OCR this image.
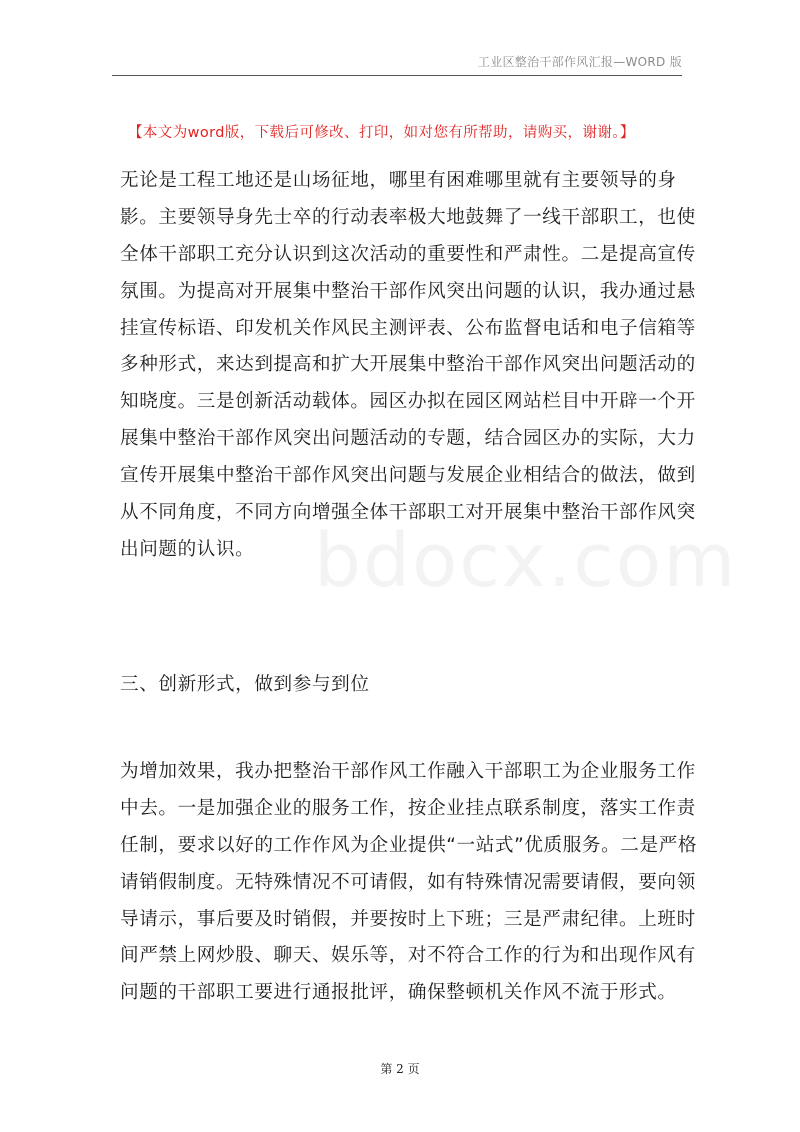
工业区整治干部作风汇报—WORD 版
【本文为word版，下载后可修改、打印，如对您有所帮助，请购买，谢谢。】
无论是工程工地还是山场征地，哪里有困难哪里就有主要领导的身
影。主要领导身先士卒的行动表率极大地鼓舞了一线干部职工，也使
全体干部职工充分认识到这次活动的重要性和严肃性。二是提高宣传
氛围。为提高对开展集中整治干部作风突出问题的认识，我办通过悬
挂宣传标语、印发机关作风民主测评表、公布监督电话和电子信箱等
多种形式，来达到提高和扩大开展集中整治干部作风突出问题活动的
知晓度。三是创新活动载体。园区办拟在园区网站栏目中开辟一个开
展集中整治干部作风突出问题活动的专题，结合园区办的实际，大力
宣传开展集中整治干部作风突出问题与发展企业相结合的做法，做到
从不同角度，不同方向增强全体干部职工对开展集中整治干部作风突
出问题的认识。 bdocx.com
三、创新形式，做到参与到位
为增加效果，我办把整治干部作风工作融入干部职工为企业服务工作
中去。一是加强企业的服务工作，按企业挂点联系制度，落实工作责
任制，要求以好的工作作风为企业提供“一站式”优质服务。二是严格
请销假制度。无特殊情况不可请假，如有特殊情况需要请假，要向领
导请示，事后要及时销假，并要按时上下班；三是严肃纪律。上班时
间严禁上网炒股、聊天、娱乐等，对不符合工作的行为和出现作风有
问题的干部职工要进行通报批评，确保整顿机关作风不流于形式。
第 2 页
